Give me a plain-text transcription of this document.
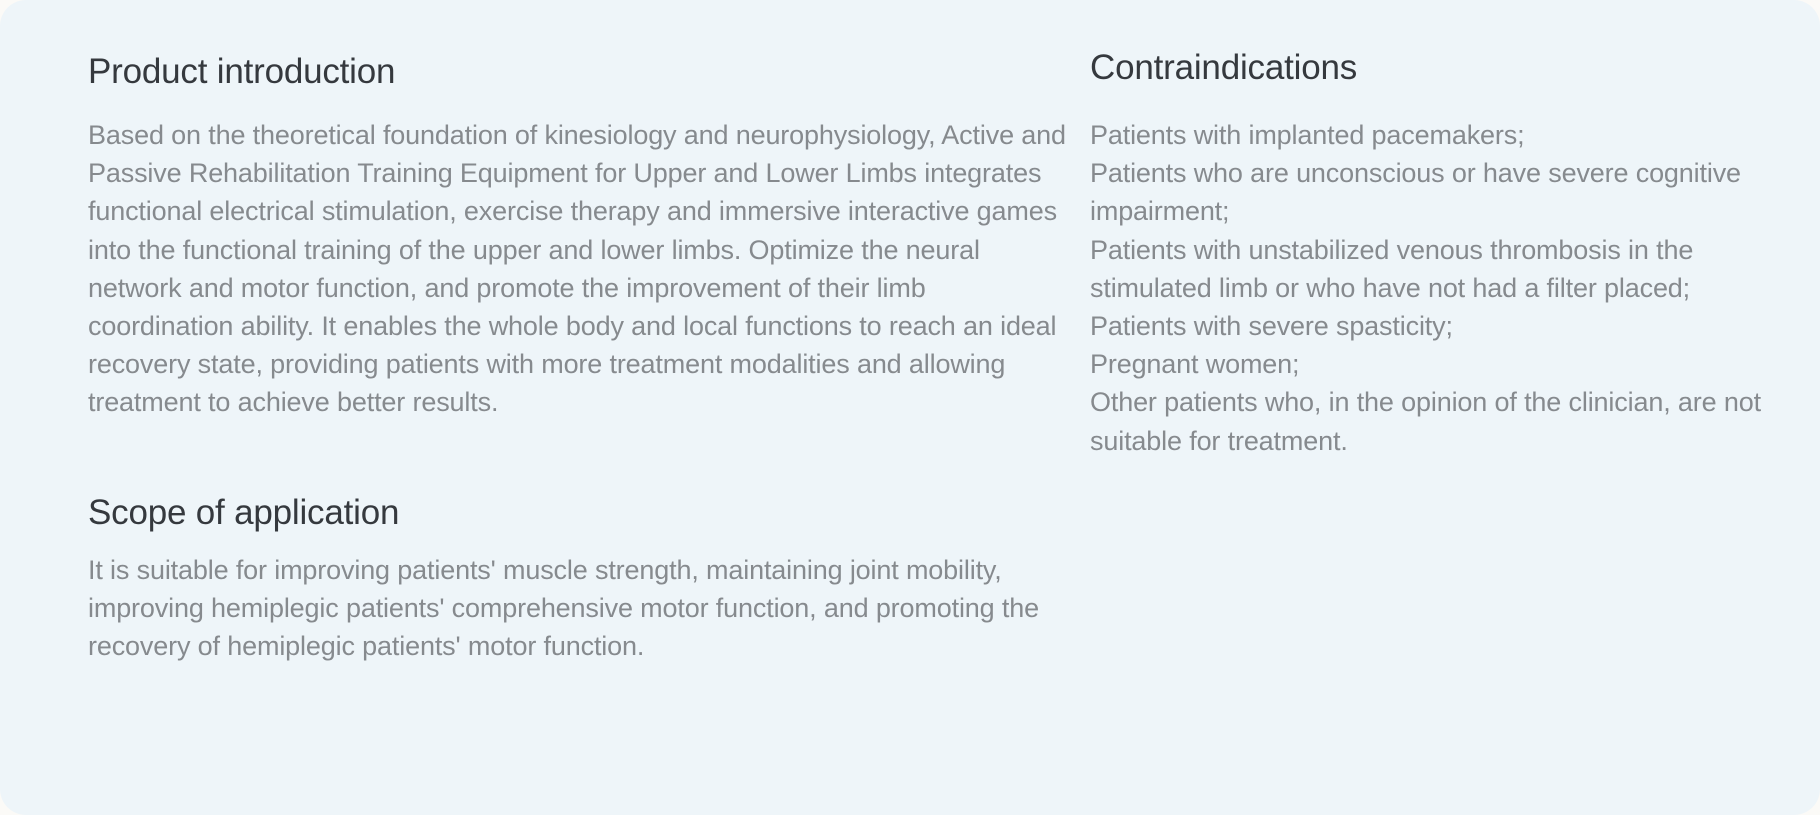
Product introduction
Based on the theoretical foundation of kinesiology and neurophysiology, Active and Passive Rehabilitation Training Equipment for Upper and Lower Limbs integrates functional electrical stimulation, exercise therapy and immersive interactive games into the functional training of the upper and lower limbs. Optimize the neural network and motor function, and promote the improvement of their limb coordination ability. It enables the whole body and local functions to reach an ideal recovery state, providing patients with more treatment modalities and allowing treatment to achieve better results.
Scope of application
It is suitable for improving patients' muscle strength, maintaining joint mobility, improving hemiplegic patients' comprehensive motor function, and promoting the recovery of hemiplegic patients' motor function.
Contraindications
Patients with implanted pacemakers;
Patients who are unconscious or have severe cognitive impairment;
Patients with unstabilized venous thrombosis in the stimulated limb or who have not had a filter placed;
Patients with severe spasticity;
Pregnant women;
Other patients who, in the opinion of the clinician, are not suitable for treatment.
